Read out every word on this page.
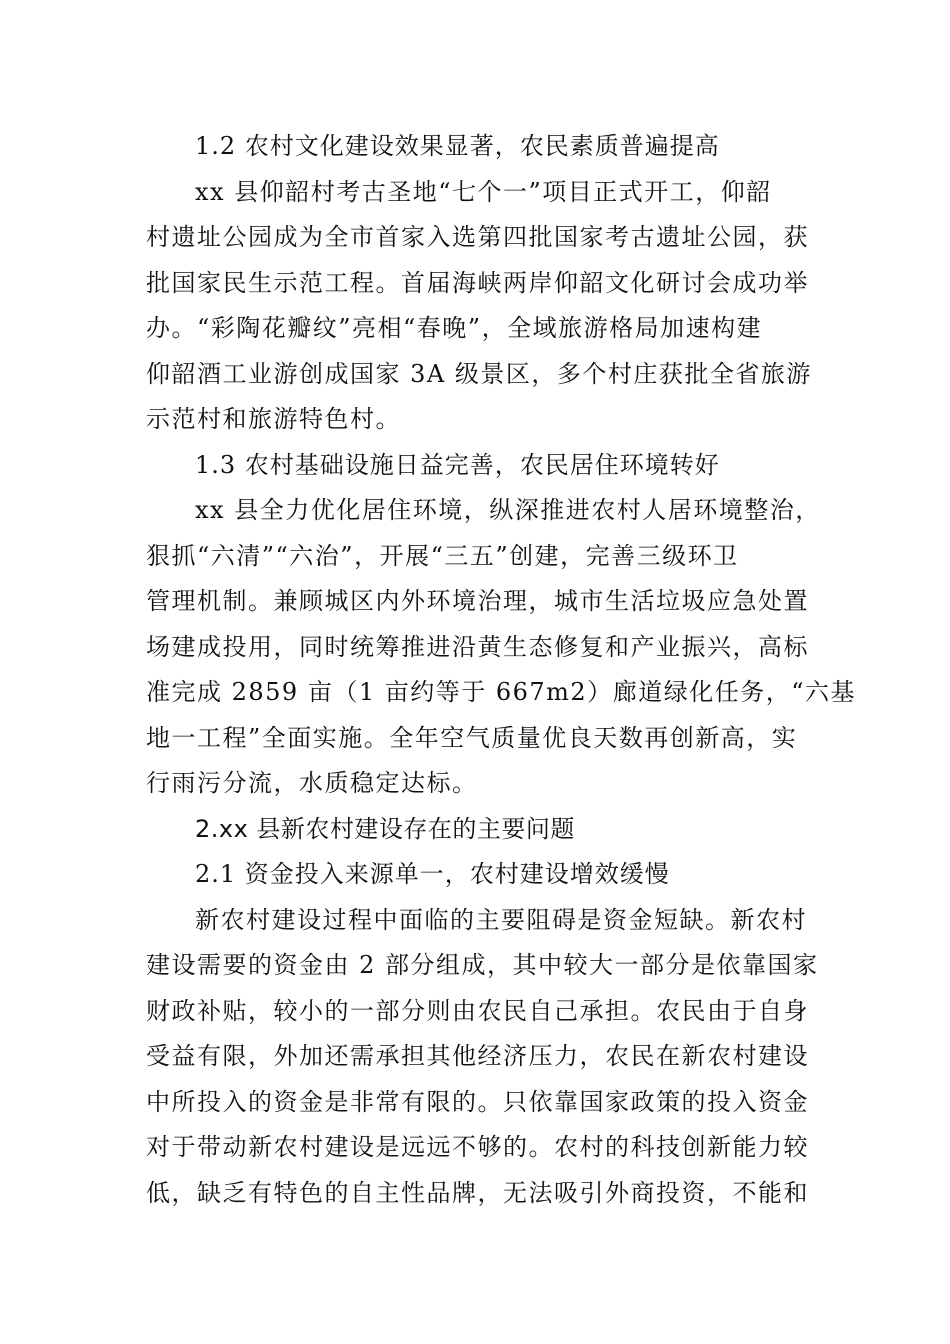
1.2 农村文化建设效果显著，农民素质普遍提高
xx 县仰韶村考古圣地“七个一”项目正式开工，仰韶
村遗址公园成为全市首家入选第四批国家考古遗址公园，获
批国家民生示范工程。首届海峡两岸仰韶文化研讨会成功举
办。“彩陶花瓣纹”亮相“春晚”，全域旅游格局加速构建
仰韶酒工业游创成国家 3A 级景区，多个村庄获批全省旅游
示范村和旅游特色村。
1.3 农村基础设施日益完善，农民居住环境转好
xx 县全力优化居住环境，纵深推进农村人居环境整治，
狠抓“六清”“六治”，开展“三五”创建，完善三级环卫
管理机制。兼顾城区内外环境治理，城市生活垃圾应急处置
场建成投用，同时统筹推进沿黄生态修复和产业振兴，高标
准完成 2859 亩（1 亩约等于 667m2）廊道绿化任务，“六基
地一工程”全面实施。全年空气质量优良天数再创新高，实
行雨污分流，水质稳定达标。
2.xx 县新农村建设存在的主要问题
2.1 资金投入来源单一，农村建设增效缓慢
新农村建设过程中面临的主要阻碍是资金短缺。新农村
建设需要的资金由 2 部分组成，其中较大一部分是依靠国家
财政补贴，较小的一部分则由农民自己承担。农民由于自身
受益有限，外加还需承担其他经济压力，农民在新农村建设
中所投入的资金是非常有限的。只依靠国家政策的投入资金
对于带动新农村建设是远远不够的。农村的科技创新能力较
低，缺乏有特色的自主性品牌，无法吸引外商投资，不能和
